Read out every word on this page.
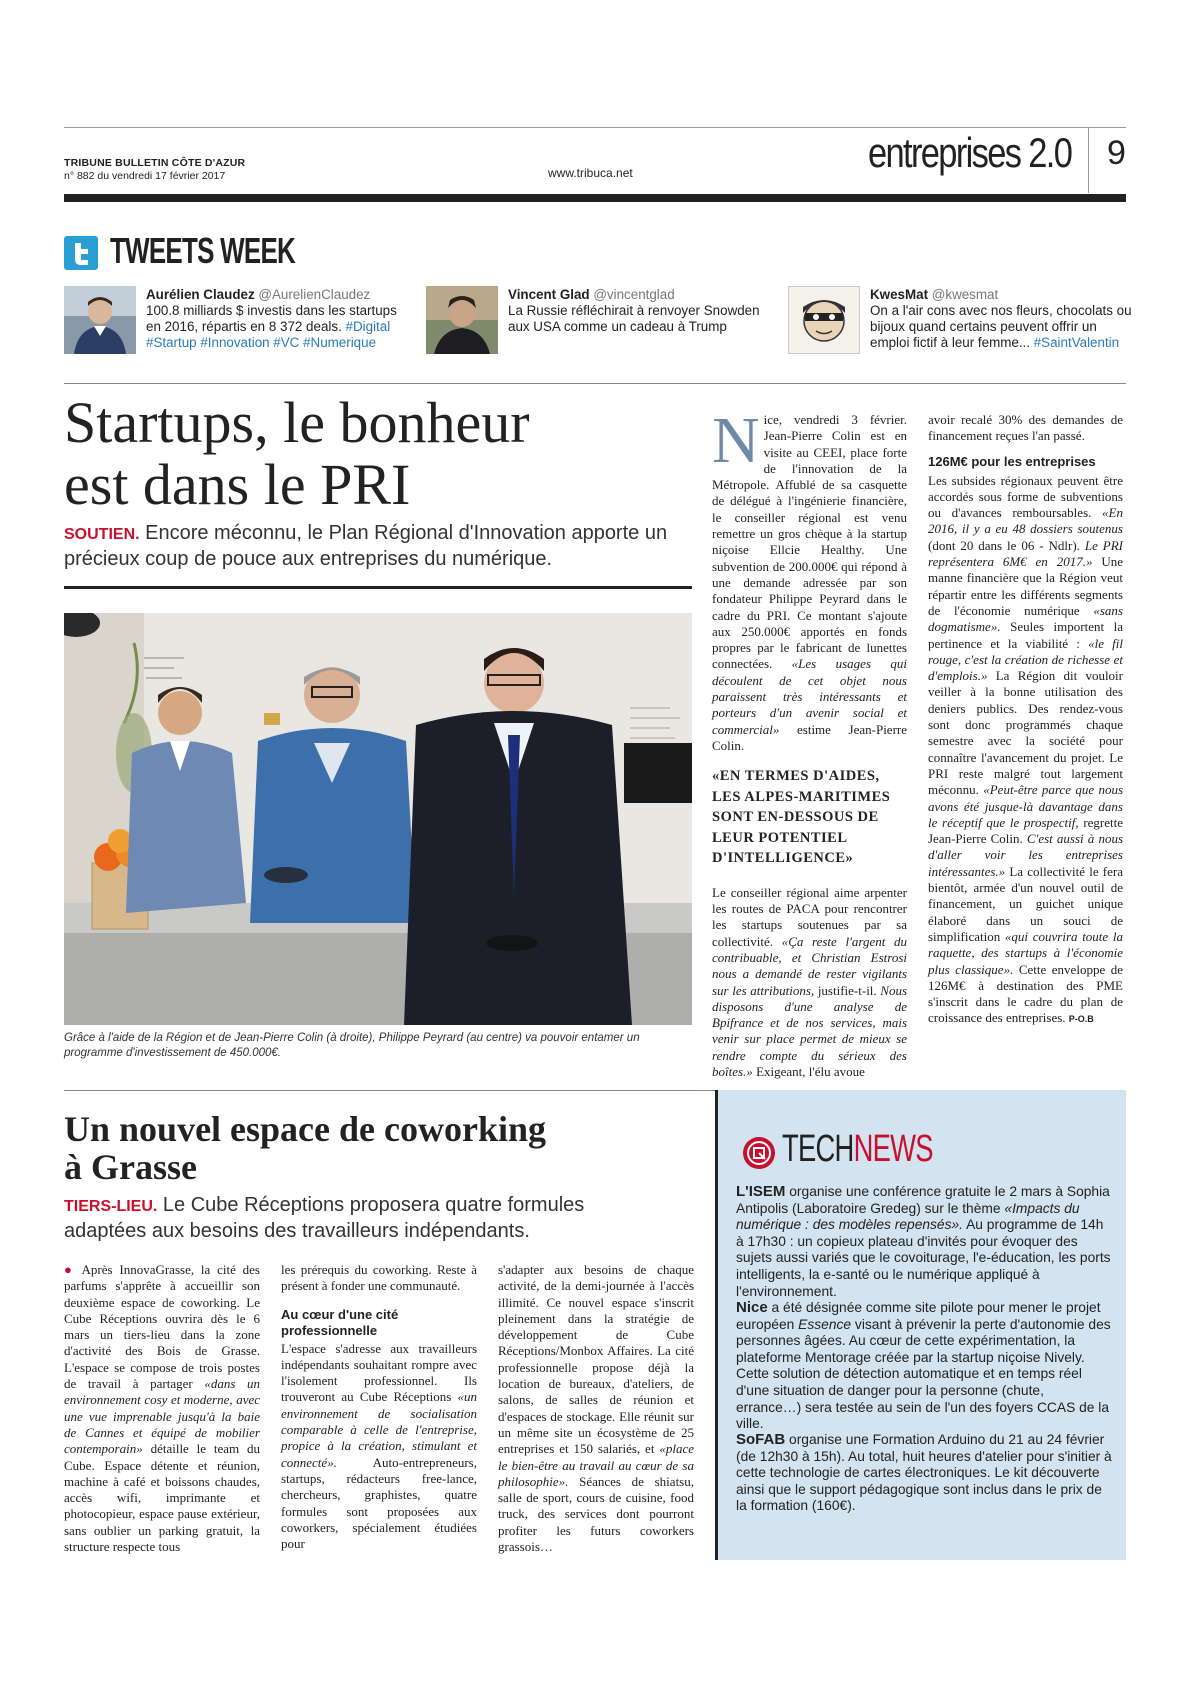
TRIBUNE BULLETIN CÔTE D'AZUR
n° 882 du vendredi 17 février 2017	www.tribuca.net	entreprises 2.0 9
TWEETS WEEK
Aurélien Claudez @AurelienClaudez
100.8 milliards $ investis dans les startups en 2016, répartis en 8 372 deals. #Digital #Startup #Innovation #VC #Numerique
Vincent Glad @vincentglad
La Russie réfléchirait à renvoyer Snowden aux USA comme un cadeau à Trump
KwesMat @kwesmat
On a l'air cons avec nos fleurs, chocolats ou bijoux quand certains peuvent offrir un emploi fictif à leur femme... #SaintValentin
Startups, le bonheur
est dans le PRI
SOUTIEN. Encore méconnu, le Plan Régional d'Innovation apporte un précieux coup de pouce aux entreprises du numérique.
Grâce à l'aide de la Région et de Jean-Pierre Colin (à droite), Philippe Peyrard (au centre) va pouvoir entamer un programme d'investissement de 450.000€.
N ice, vendredi 3 février. Jean-Pierre Colin est en visite au CEEI, place forte de l'innovation de la Métropole. Affublé de sa casquette de délégué à l'ingénierie financière, le conseiller régional est venu remettre un gros chèque à la startup niçoise Ellcie Healthy. Une subvention de 200.000€ qui répond à une demande adressée par son fondateur Philippe Peyrard dans le cadre du PRI. Ce montant s'ajoute aux 250.000€ apportés en fonds propres par le fabricant de lunettes connectées. «Les usages qui découlent de cet objet nous paraissent très intéressants et porteurs d'un avenir social et commercial» estime Jean-Pierre Colin.

«EN TERMES D'AIDES, LES ALPES-MARITIMES SONT EN-DESSOUS DE LEUR POTENTIEL D'INTELLIGENCE»

Le conseiller régional aime arpenter les routes de PACA pour rencontrer les startups soutenues par sa collectivité. «Ça reste l'argent du contribuable, et Christian Estrosi nous a demandé de rester vigilants sur les attributions, justifie-t-il. Nous disposons d'une analyse de Bpifrance et de nos services, mais venir sur place permet de mieux se rendre compte du sérieux des boîtes.» Exigeant, l'élu avoue

avoir recalé 30% des demandes de financement reçues l'an passé.

126M€ pour les entreprises

Les subsides régionaux peuvent être accordés sous forme de subventions ou d'avances remboursables. «En 2016, il y a eu 48 dossiers soutenus (dont 20 dans le 06 - Ndlr). Le PRI représentera 6M€ en 2017.» Une manne financière que la Région veut répartir entre les différents segments de l'économie numérique «sans dogmatisme». Seules importent la pertinence et la viabilité : «le fil rouge, c'est la création de richesse et d'emplois.» La Région dit vouloir veiller à la bonne utilisation des deniers publics. Des rendez-vous sont donc programmés chaque semestre avec la société pour connaître l'avancement du projet. Le PRI reste malgré tout largement méconnu. «Peut-être parce que nous avons été jusque-là davantage dans le réceptif que le prospectif, regrette Jean-Pierre Colin. C'est aussi à nous d'aller voir les entreprises intéressantes.» La collectivité le fera bientôt, armée d'un nouvel outil de financement, un guichet unique élaboré dans un souci de simplification «qui couvrira toute la raquette, des startups à l'économie plus classique». Cette enveloppe de 126M€ à destination des PME s'inscrit dans le cadre du plan de croissance des entreprises. P-O.B

Un nouvel espace de coworking
à Grasse
TIERS-LIEU. Le Cube Réceptions proposera quatre formules adaptées aux besoins des travailleurs indépendants.

● Après InnovaGrasse, la cité des parfums s'apprête à accueillir son deuxième espace de coworking. Le Cube Réceptions ouvrira dès le 6 mars un tiers-lieu dans la zone d'activité des Bois de Grasse. L'espace se compose de trois postes de travail à partager «dans un environnement cosy et moderne, avec une vue imprenable jusqu'à la baie de Cannes et équipé de mobilier contemporain» détaille le team du Cube. Espace détente et réunion, machine à café et boissons chaudes, accès wifi, imprimante et photocopieur, espace pause extérieur, sans oublier un parking gratuit, la structure respecte tous

les prérequis du coworking. Reste à présent à fonder une communauté.

Au cœur d'une cité professionnelle

L'espace s'adresse aux travailleurs indépendants souhaitant rompre avec l'isolement professionnel. Ils trouveront au Cube Réceptions «un environnement de socialisation comparable à celle de l'entreprise, propice à la création, stimulant et connecté».	Auto-entrepreneurs, startups, rédacteurs free-lance, chercheurs, graphistes, quatre formules sont proposées aux coworkers, spécialement étudiées pour

s'adapter aux besoins de chaque activité, de la demi-journée à l'accès illimité. Ce nouvel espace s'inscrit pleinement dans la stratégie de développement de Cube Réceptions/Monbox Affaires. La cité professionnelle propose déjà la location de bureaux, d'ateliers, de salons, de salles de réunion et d'espaces de stockage. Elle réunit sur un même site un écosystème de 25 entreprises et 150 salariés, et «place le bien-être au travail au cœur de sa philosophie». Séances de shiatsu, salle de sport, cours de cuisine, food truck, des services dont pourront profiter les futurs coworkers grassois…

TECHNEWS
L'ISEM organise une conférence gratuite le 2 mars à Sophia Antipolis (Laboratoire Gredeg) sur le thème «Impacts du numérique : des modèles repensés». Au programme de 14h à 17h30 : un copieux plateau d'invités pour évoquer des sujets aussi variés que le covoiturage, l'e-éducation, les ports intelligents, la e-santé ou le numérique appliqué à l'environnement.
Nice a été désignée comme site pilote pour mener le projet européen Essence visant à prévenir la perte d'autonomie des personnes âgées. Au cœur de cette expérimentation, la plateforme Mentorage créée par la startup niçoise Nively. Cette solution de détection automatique et en temps réel d'une situation de danger pour la personne (chute, errance…) sera testée au sein de l'un des foyers CCAS de la ville.
SoFAB organise une Formation Arduino du 21 au 24 février (de 12h30 à 15h). Au total, huit heures d'atelier pour s'initier à cette technologie de cartes électroniques. Le kit découverte ainsi que le support pédagogique sont inclus dans le prix de la formation (160€).
